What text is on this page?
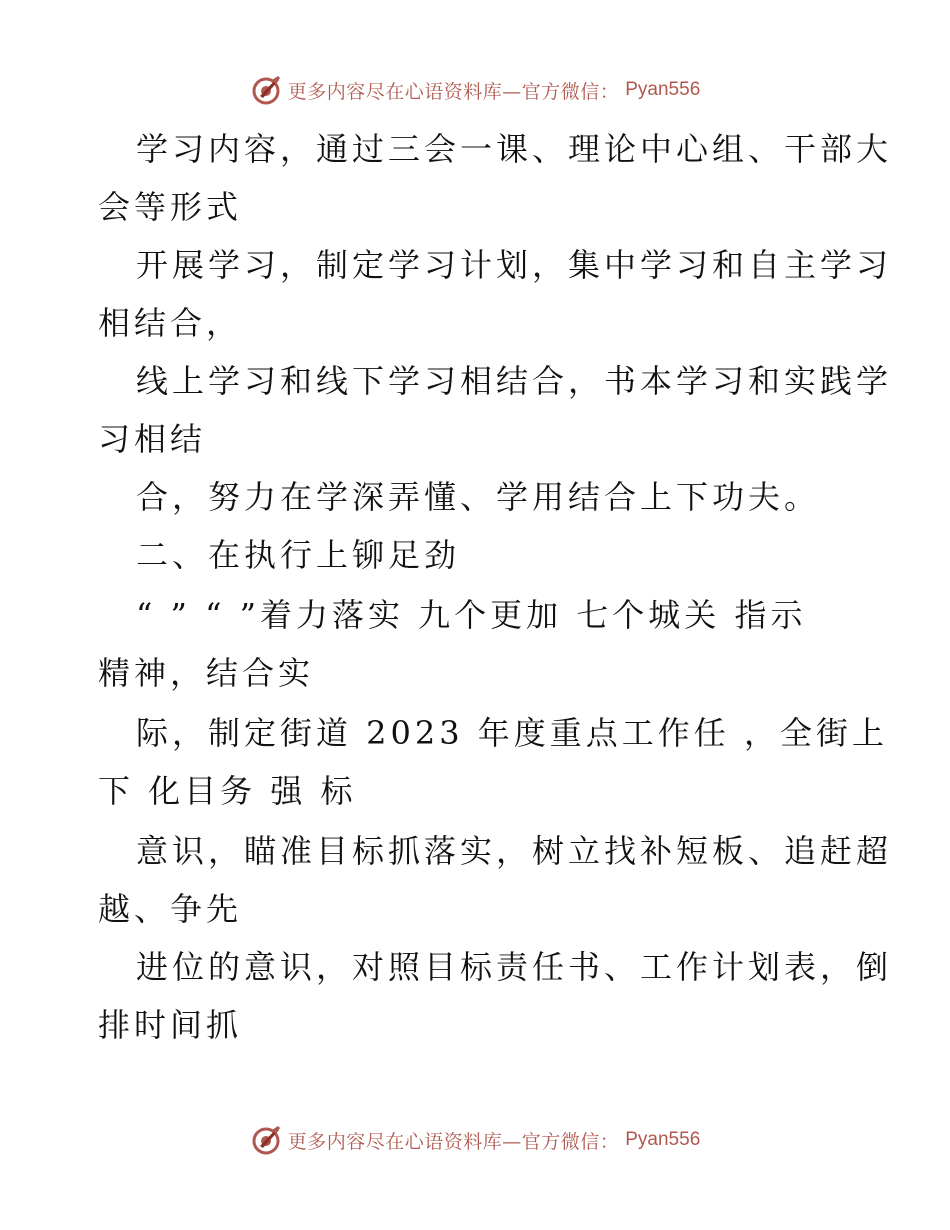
更多内容尽在心语资料库—官方微信： Pyan556
学习内容，通过三会一课、理论中心组、干部大
会等形式
开展学习，制定学习计划，集中学习和自主学习
相结合，
线上学习和线下学习相结合，书本学习和实践学
习相结
合，努力在学深弄懂、学用结合上下功夫。
二、在执行上铆足劲
“ ” “ ”着力落实 九个更加 七个城关 指示
精神，结合实
际，制定街道 2023 年度重点工作任 ，全街上
下 化目务 强 标
意识，瞄准目标抓落实，树立找补短板、追赶超
越、争先
进位的意识，对照目标责任书、工作计划表，倒
排时间抓
更多内容尽在心语资料库—官方微信： Pyan556
